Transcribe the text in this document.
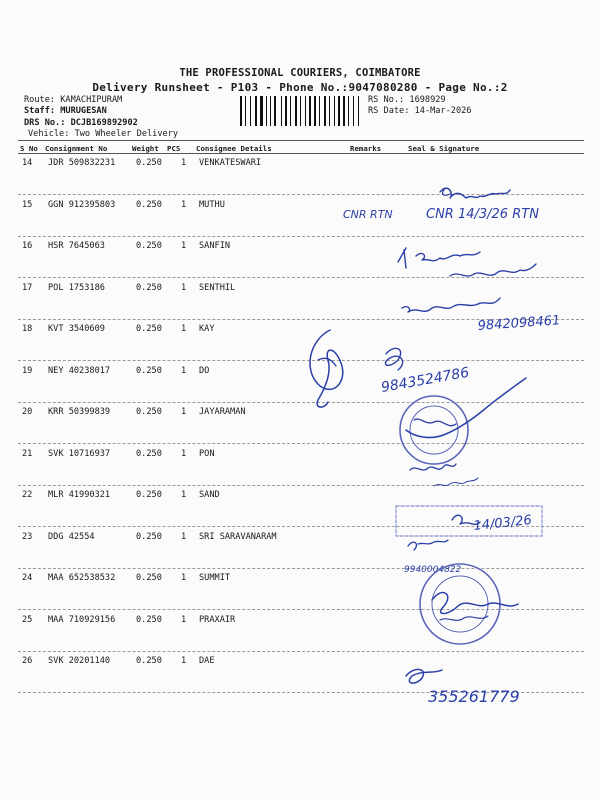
THE PROFESSIONAL COURIERS, COIMBATORE
Delivery Runsheet - P103 - Phone No.:9047080280 - Page No.:2
Route: KAMACHIPURAM
Staff: MURUGESAN
DRS No.: DCJB169892902
Vehicle: Two Wheeler Delivery
RS No.: 1698929
RS Date: 14-Mar-2026
S No Consignment No	Weight PCS Consignee Details	Remarks	Seal & Signature
14 JDR 509832231 0.250 1 VENKATESWARI
15 GGN 912395803 0.250 1 MUTHU
16 HSR 7645063	0.250 1 SANFIN
17 POL 1753186	0.250 1 SENTHIL
18 KVT 3540609	0.250 1 KAY
19 NEY 40238017	0.250 1 DO
20 KRR 50399839	0.250 1 JAYARAMAN
21 SVK 10716937	0.250 1 PON
22 MLR 41990321	0.250 1 SAND
23 DDG 42554	0.250 1 SRI SARAVANARAM
24 MAA 652538532 0.250 1 SUMMIT
25 MAA 710929156 0.250 1 PRAXAIR
26 SVK 20201140	0.250 1 DAE
CNR RTN	CNR 14/3/26 RTN
9842098461
9843524786
14/03/26
9940004822
355261779
